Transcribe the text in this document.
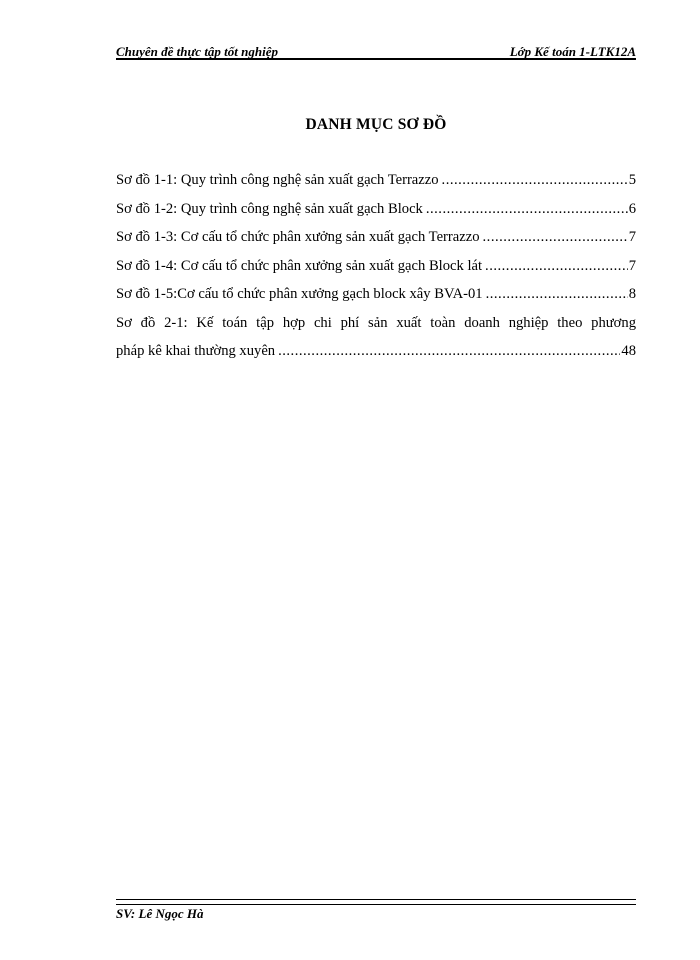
Chuyên đề thực tập tốt nghiệp	Lớp Kế toán 1-LTK12A
DANH MỤC SƠ ĐỒ
Sơ đồ 1-1: Quy trình công nghệ sản xuất gạch Terrazzo .....	5
Sơ đồ 1-2: Quy trình công nghệ sản xuất gạch Block .....	6
Sơ đồ 1-3: Cơ cấu tổ chức phân xưởng sản xuất gạch Terrazzo .....	7
Sơ đồ 1-4: Cơ cấu tổ chức phân xưởng sản xuất gạch Block lát .....	7
Sơ đồ 1-5:Cơ cấu tổ chức phân xưởng gạch block xây BVA-01 .....	8
Sơ đồ 2-1: Kế toán tập hợp chi phí sản xuất toàn doanh nghiệp theo phương
pháp kê khai thường xuyên .....	48
SV: Lê Ngọc Hà
